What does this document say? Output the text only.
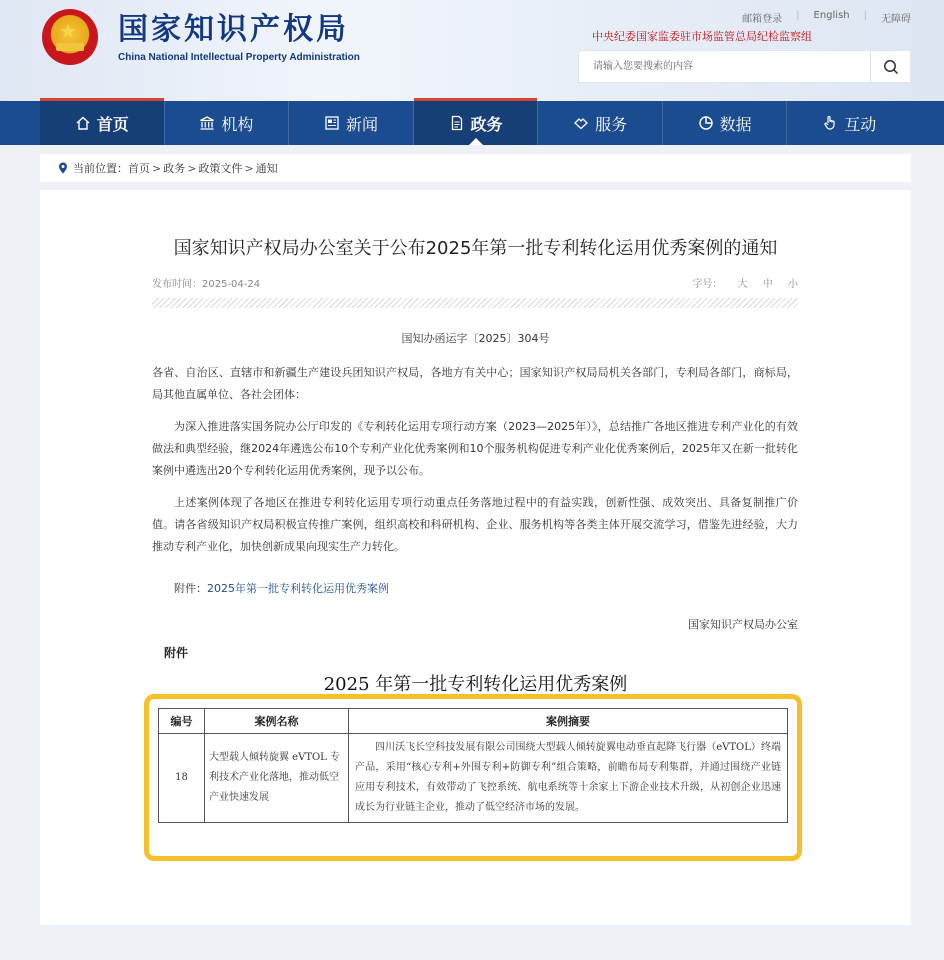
★ 国家知识产权局
China National Intellectual Property Administration
邮箱登录	|	English	|	无障碍
中央纪委国家监委驻市场监管总局纪检监察组
请输入您要搜索的内容
首页	机构	新闻	政务	服务	数据	互动
当前位置： 首页 > 政务 > 政策文件 > 通知
国家知识产权局办公室关于公布2025年第一批专利转化运用优秀案例的通知
发布时间：2025-04-24	字号： 大 中 小
国知办函运字〔2025〕304号

各省、自治区、直辖市和新疆生产建设兵团知识产权局，各地方有关中心；国家知识产权局局机关各部门，专利局各部门，商标局，局其他直属单位、各社会团体：

为深入推进落实国务院办公厅印发的《专利转化运用专项行动方案（2023—2025年）》，总结推广各地区推进专利产业化的有效做法和典型经验，继2024年遴选公布10个专利产业化优秀案例和10个服务机构促进专利产业化优秀案例后，2025年又在新一批转化案例中遴选出20个专利转化运用优秀案例，现予以公布。

上述案例体现了各地区在推进专利转化运用专项行动重点任务落地过程中的有益实践，创新性强、成效突出、具备复制推广价值。请各省级知识产权局积极宣传推广案例，组织高校和科研机构、企业、服务机构等各类主体开展交流学习，借鉴先进经验，大力推动专利产业化，加快创新成果向现实生产力转化。

附件：2025年第一批专利转化运用优秀案例
国家知识产权局办公室
附件
2025 年第一批专利转化运用优秀案例
编号	案例名称	案例摘要
18	大型载人倾转旋翼 eVTOL 专利技术产业化落地，推动低空产业快速发展	四川沃飞长空科技发展有限公司围绕大型载人倾转旋翼电动垂直起降飞行器（eVTOL）终端产品，采用“核心专利+外围专利+防御专利”组合策略，前瞻布局专利集群，并通过围绕产业链应用专利技术，有效带动了飞控系统、航电系统等十余家上下游企业技术升级，从初创企业迅速成长为行业链主企业，推动了低空经济市场的发展。
